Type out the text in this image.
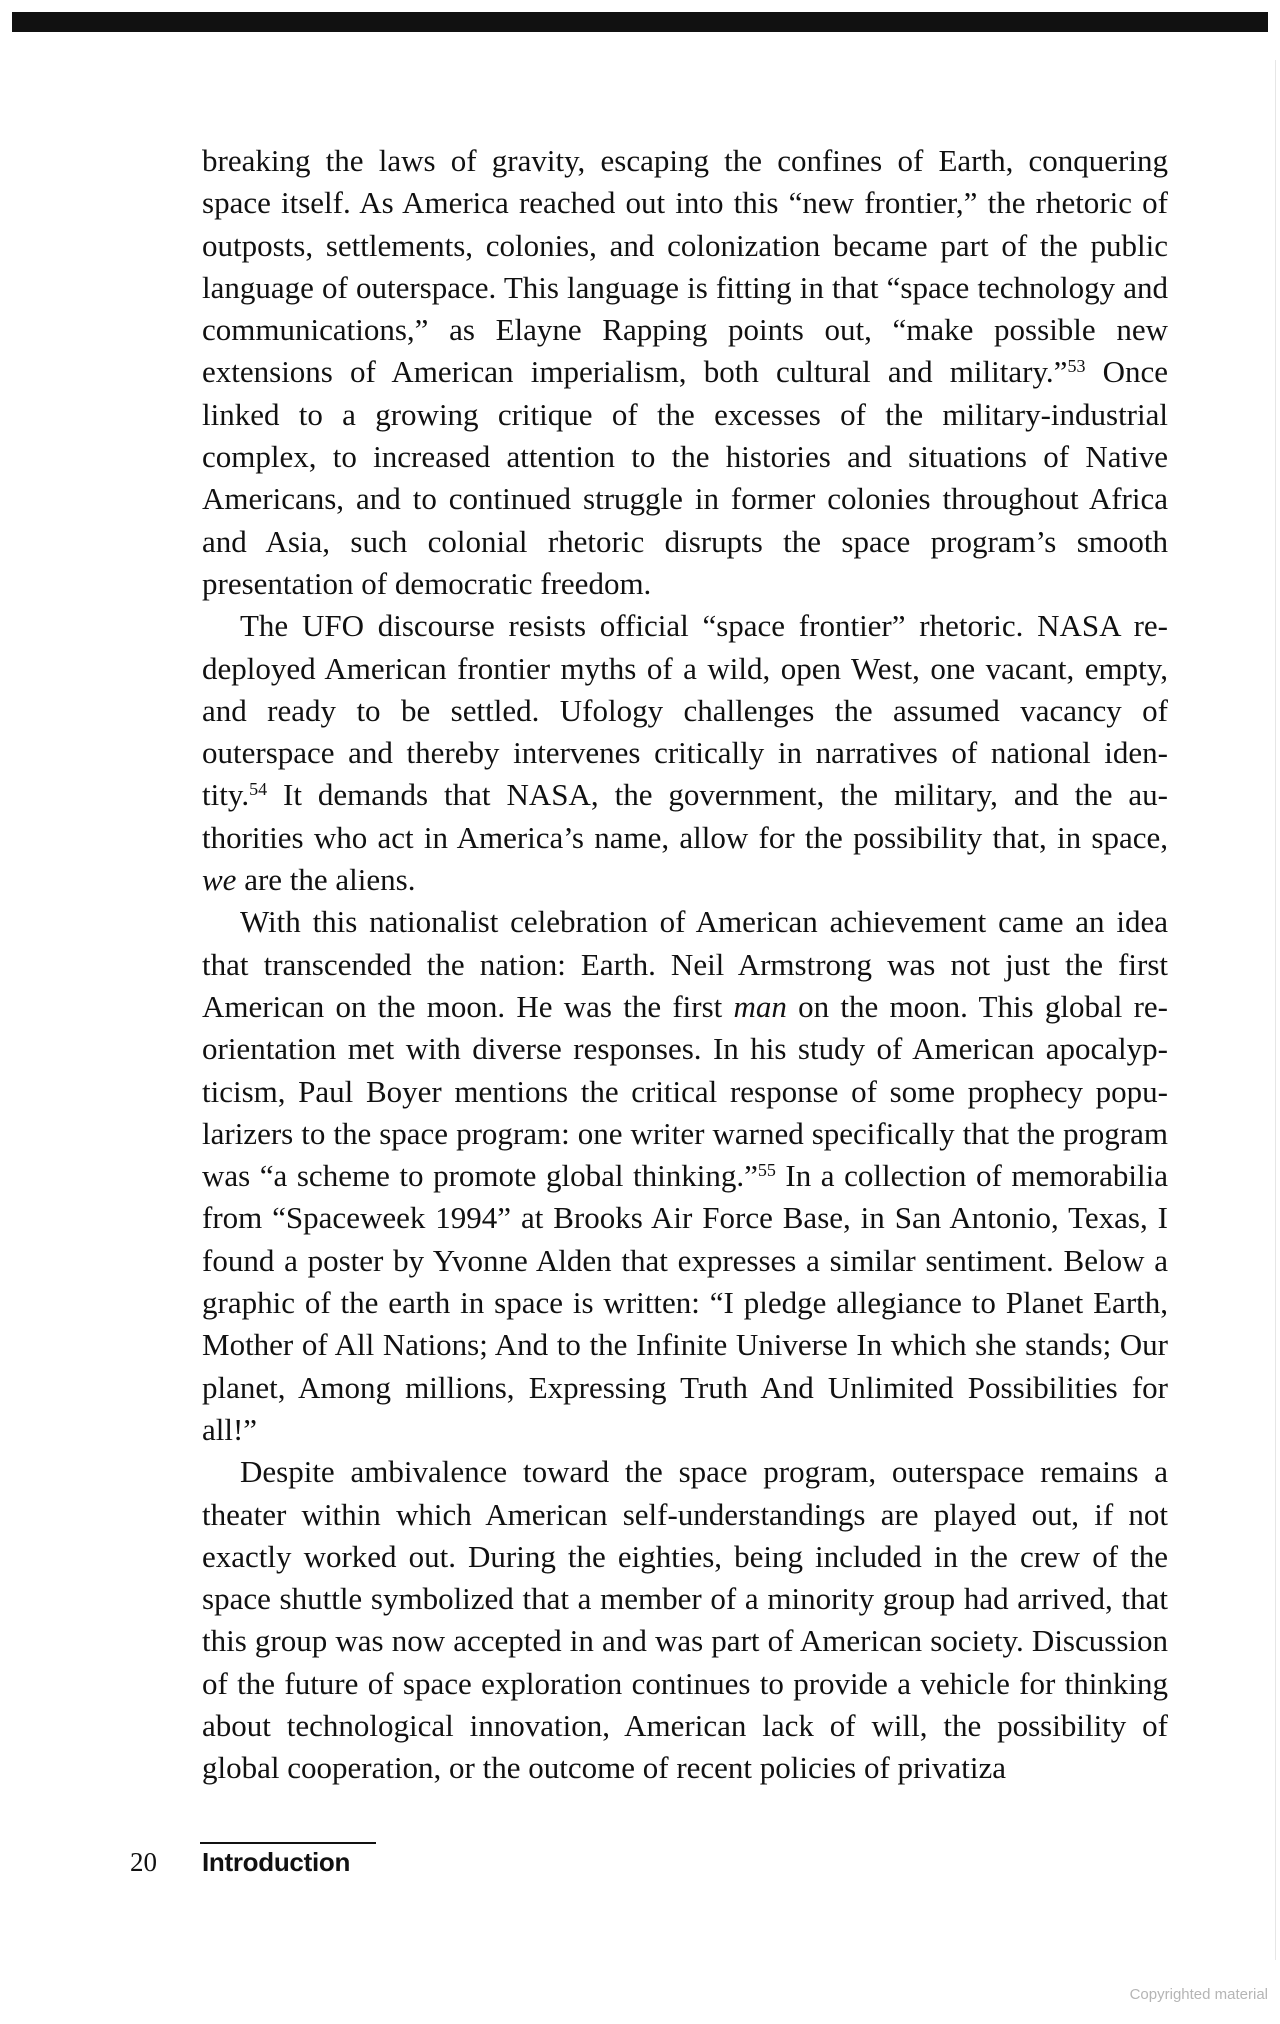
breaking the laws of gravity, escaping the confines of Earth, conquering space itself. As America reached out into this “new frontier,” the rhetoric of outposts, settlements, colonies, and colonization became part of the public language of outerspace. This language is fitting in that “space technology and communications,” as Elayne Rapping points out, “make possible new extensions of American imperialism, both cultural and military.”$^{53}$ Once linked to a growing critique of the excesses of the military-industrial complex, to increased attention to the histories and situations of Native Americans, and to continued struggle in former colonies throughout Africa and Asia, such colonial rhetoric disrupts the space program’s smooth presentation of democratic freedom.

The UFO discourse resists official “space frontier” rhetoric. NASA redeployed American frontier myths of a wild, open West, one vacant, empty, and ready to be settled. Ufology challenges the assumed vacancy of outerspace and thereby intervenes critically in narratives of national identity.$^{54}$ It demands that NASA, the government, the military, and the authorities who act in America’s name, allow for the possibility that, in space, we are the aliens.

With this nationalist celebration of American achievement came an idea that transcended the nation: Earth. Neil Armstrong was not just the first American on the moon. He was the first man on the moon. This global reorientation met with diverse responses. In his study of American apocalypticism, Paul Boyer mentions the critical response of some prophecy popularizers to the space program: one writer warned specifically that the program was “a scheme to promote global thinking.”$^{55}$ In a collection of memorabilia from “Spaceweek 1994” at Brooks Air Force Base, in San Antonio, Texas, I found a poster by Yvonne Alden that expresses a similar sentiment. Below a graphic of the earth in space is written: “I pledge allegiance to Planet Earth, Mother of All Nations; And to the Infinite Universe In which she stands; Our planet, Among millions, Expressing Truth And Unlimited Possibilities for all!”

Despite ambivalence toward the space program, outerspace remains a theater within which American self-understandings are played out, if not exactly worked out. During the eighties, being included in the crew of the space shuttle symbolized that a member of a minority group had arrived, that this group was now accepted in and was part of American society. Discussion of the future of space exploration continues to provide a vehicle for thinking about technological innovation, American lack of will, the possibility of global cooperation, or the outcome of recent policies of privatiza

20 Introduction
Copyrighted material
